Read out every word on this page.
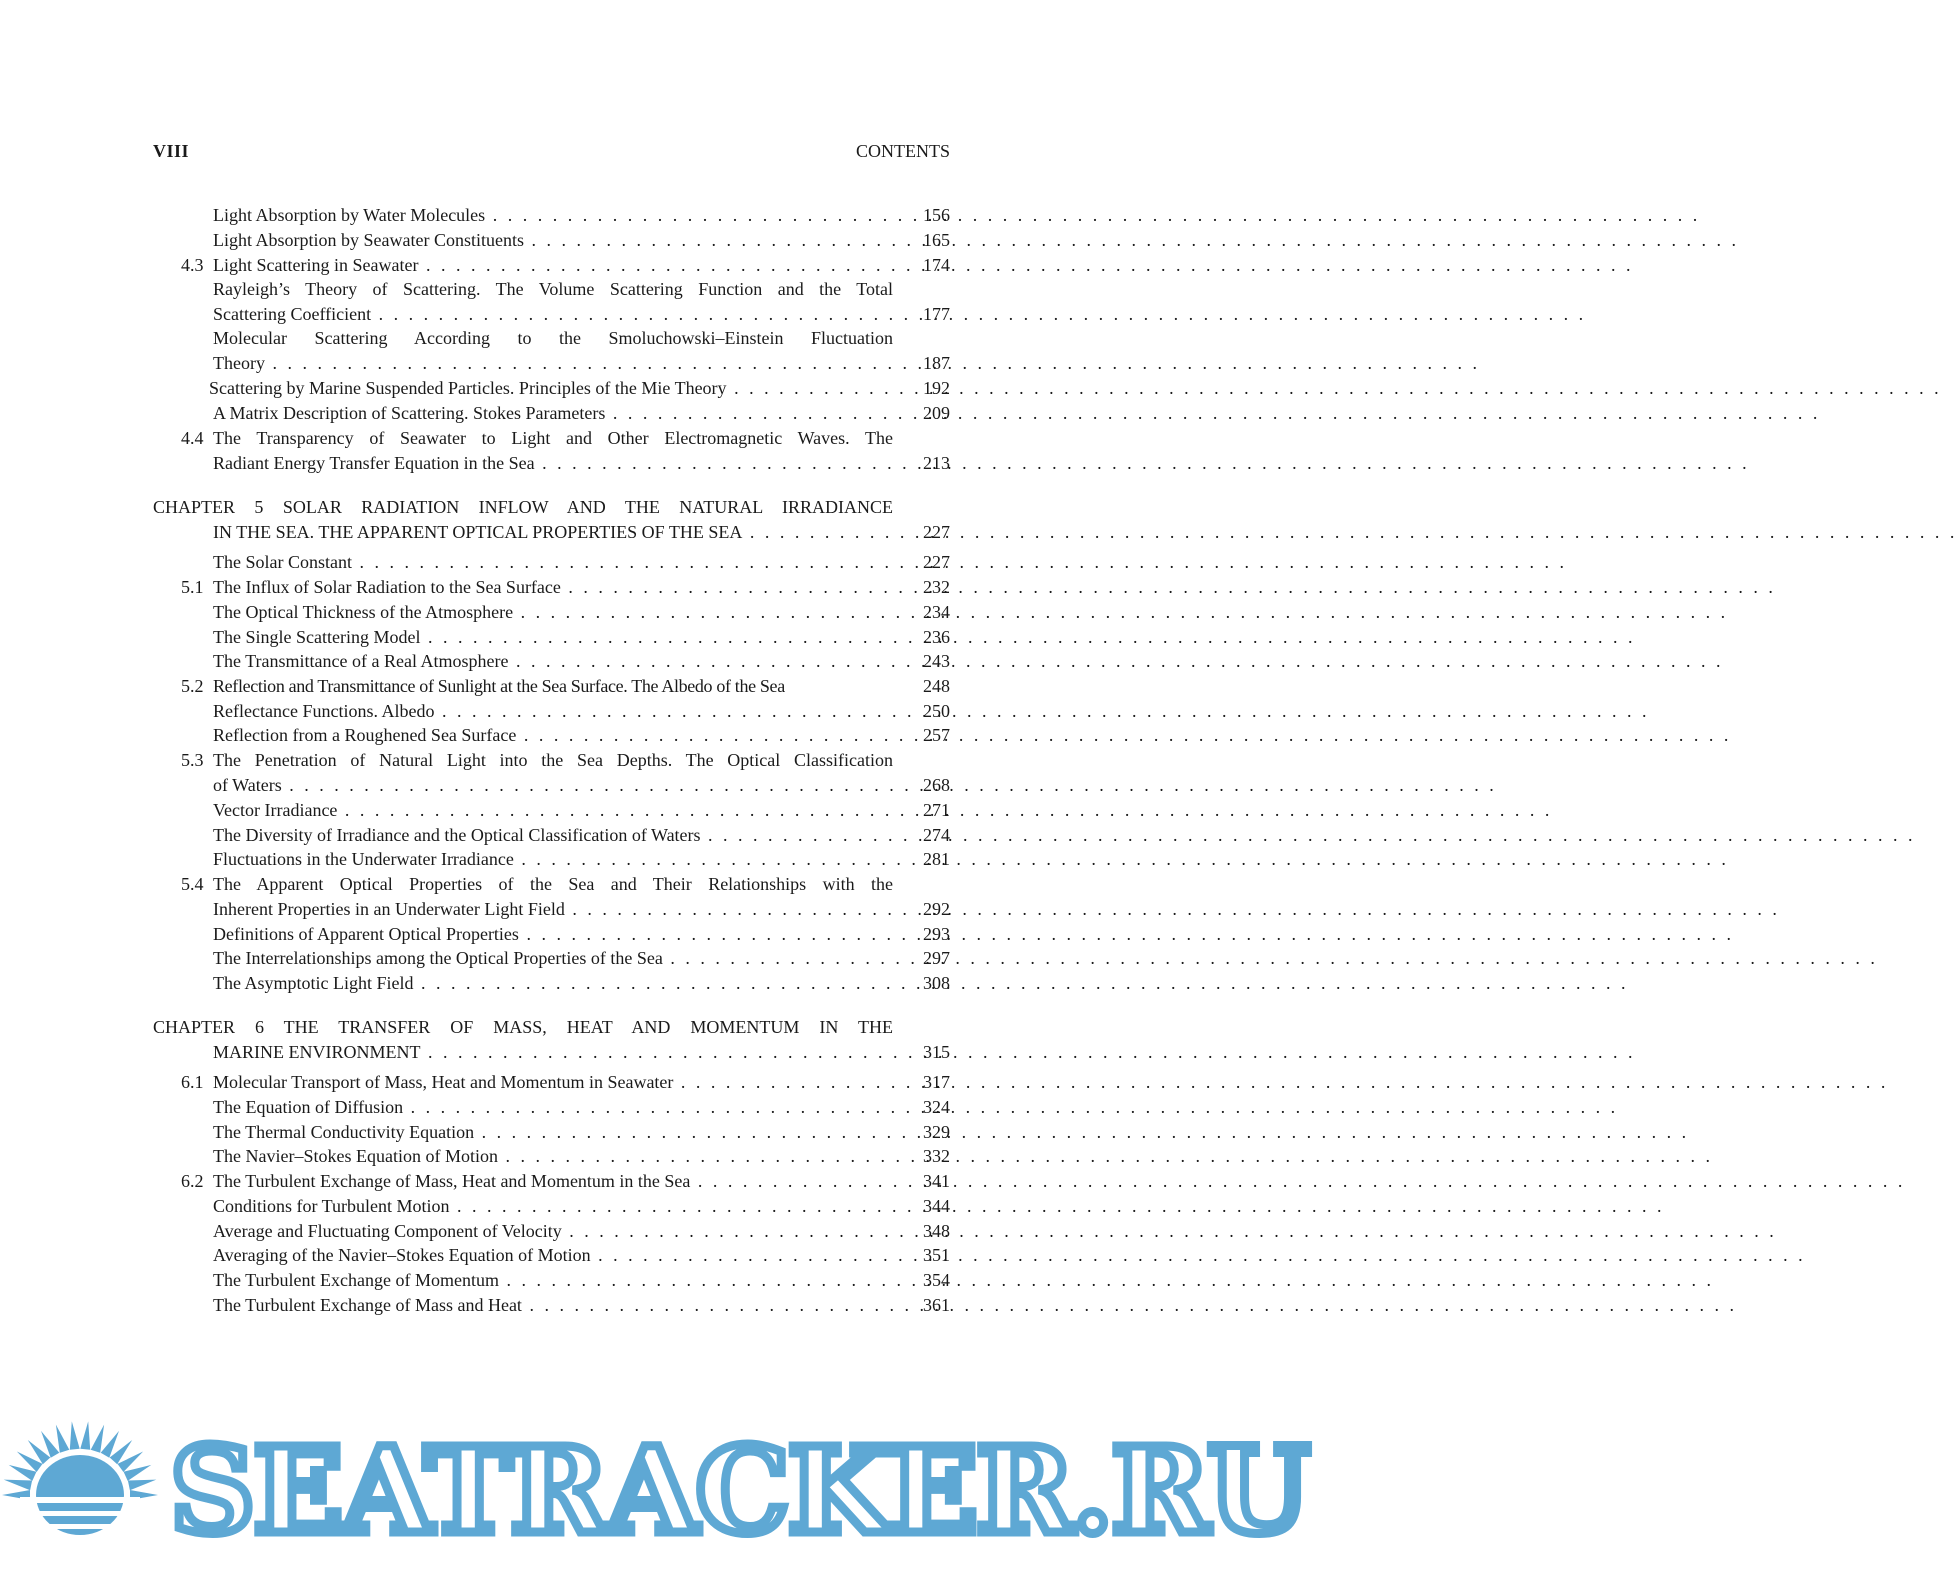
VIII	CONTENTS
Light Absorption by Water Molecules . . .	156
Light Absorption by Seawater Constituents . . .	165
4.3 Light Scattering in Seawater . . .	174
Rayleigh’s Theory of Scattering. The Volume Scattering Function and the Total
Scattering Coefficient . . .	177
Molecular Scattering According to the Smoluchowski–Einstein Fluctuation
Theory . . .	187
Scattering by Marine Suspended Particles. Principles of the Mie Theory . . .	192
A Matrix Description of Scattering. Stokes Parameters . . .	209
4.4 The Transparency of Seawater to Light and Other Electromagnetic Waves. The
Radiant Energy Transfer Equation in the Sea . . .	213
CHAPTER 5 SOLAR RADIATION INFLOW AND THE NATURAL IRRADIANCE
IN THE SEA. THE APPARENT OPTICAL PROPERTIES OF THE SEA . . .	227
The Solar Constant . . .	227
5.1 The Influx of Solar Radiation to the Sea Surface . . .	232
The Optical Thickness of the Atmosphere . . .	234
The Single Scattering Model . . .	236
The Transmittance of a Real Atmosphere . . .	243
5.2 Reflection and Transmittance of Sunlight at the Sea Surface. The Albedo of the Sea	248
Reflectance Functions. Albedo . . .	250
Reflection from a Roughened Sea Surface . . .	257
5.3 The Penetration of Natural Light into the Sea Depths. The Optical Classification
of Waters . . .	268
Vector Irradiance . . .	271
The Diversity of Irradiance and the Optical Classification of Waters . . .	274
Fluctuations in the Underwater Irradiance . . .	281
5.4 The Apparent Optical Properties of the Sea and Their Relationships with the
Inherent Properties in an Underwater Light Field . . .	292
Definitions of Apparent Optical Properties . . .	293
The Interrelationships among the Optical Properties of the Sea . . .	297
The Asymptotic Light Field . . .	308
CHAPTER 6 THE TRANSFER OF MASS, HEAT AND MOMENTUM IN THE
MARINE ENVIRONMENT . . .	315
6.1 Molecular Transport of Mass, Heat and Momentum in Seawater . . .	317
The Equation of Diffusion . . .	324
The Thermal Conductivity Equation . . .	329
The Navier–Stokes Equation of Motion . . .	332
6.2 The Turbulent Exchange of Mass, Heat and Momentum in the Sea . . .	341
Conditions for Turbulent Motion . . .	344
Average and Fluctuating Component of Velocity . . .	348
Averaging of the Navier–Stokes Equation of Motion . . .	351
The Turbulent Exchange of Momentum . . .	354
The Turbulent Exchange of Mass and Heat . . .	361
SEATRACKER.RU
